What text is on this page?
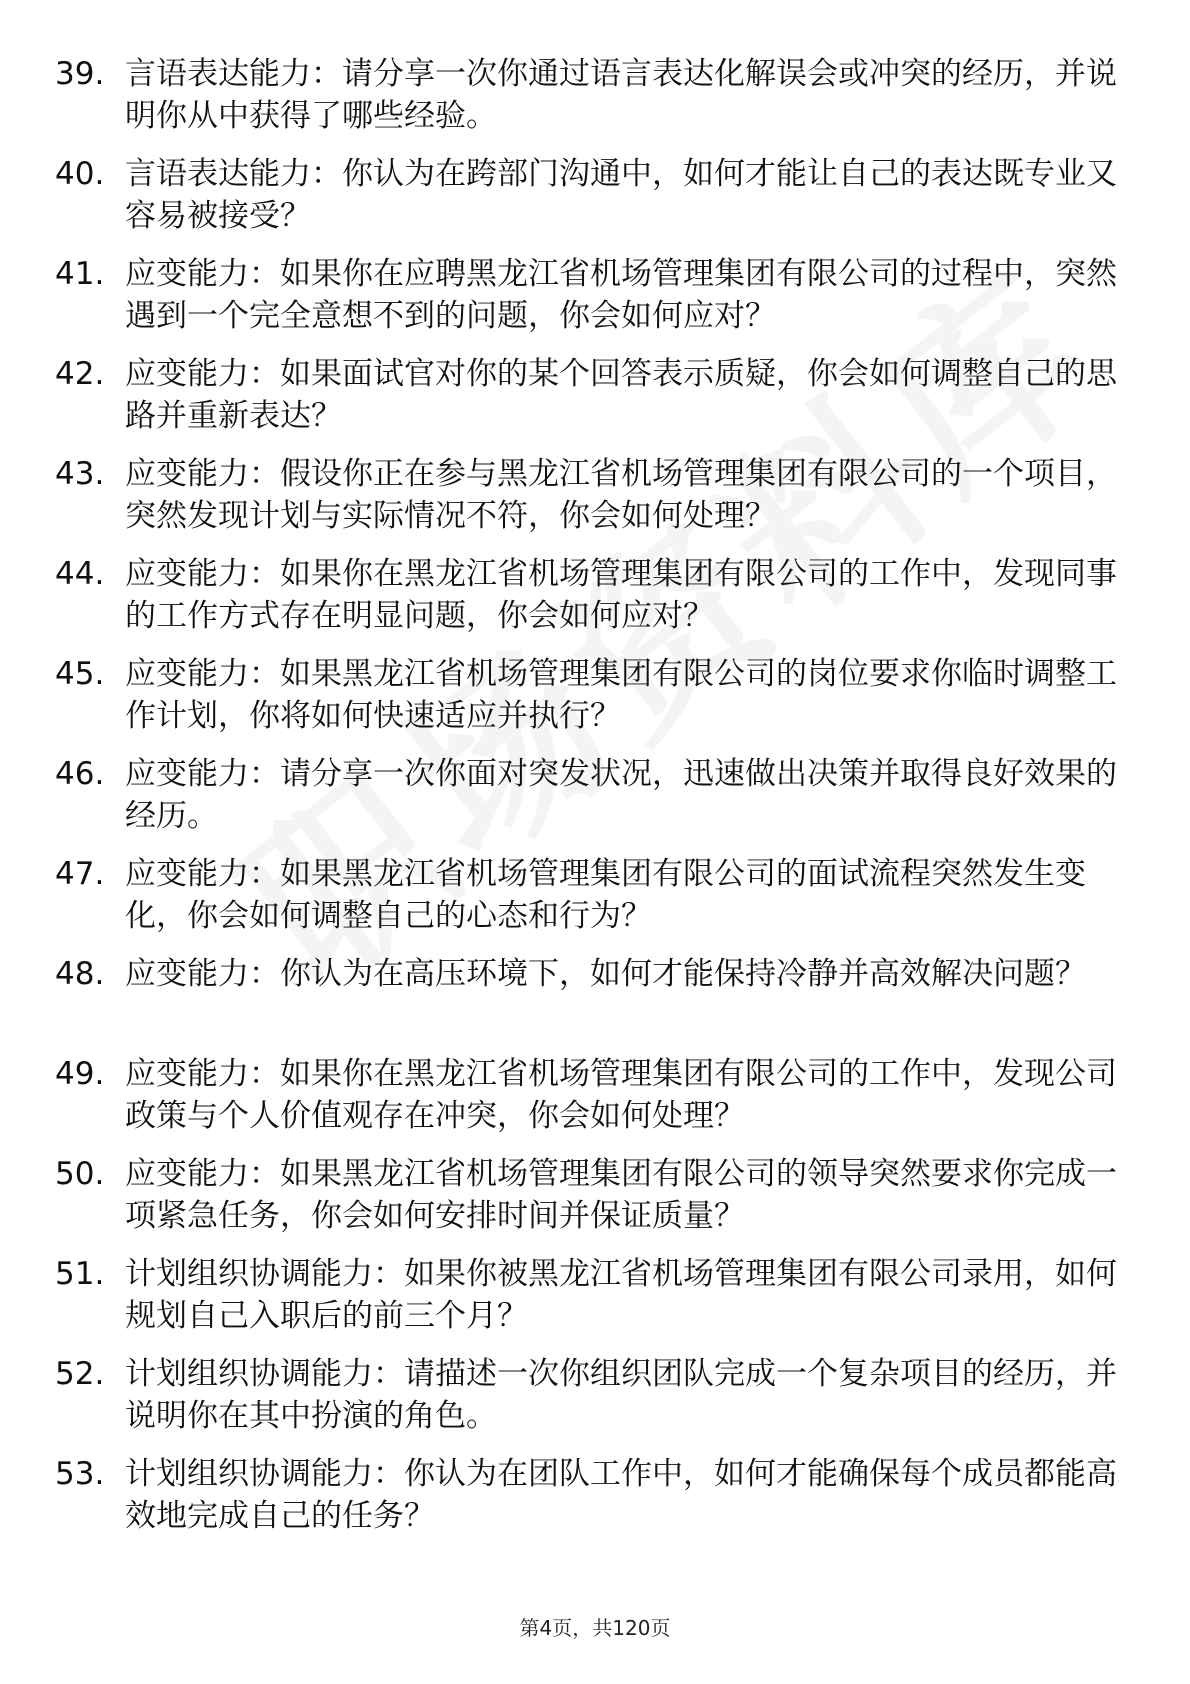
39. 言语表达能力：请分享一次你通过语言表达化解误会或冲突的经历，并说明你从中获得了哪些经验。
40. 言语表达能力：你认为在跨部门沟通中，如何才能让自己的表达既专业又容易被接受？
41. 应变能力：如果你在应聘黑龙江省机场管理集团有限公司的过程中，突然遇到一个完全意想不到的问题，你会如何应对？
42. 应变能力：如果面试官对你的某个回答表示质疑，你会如何调整自己的思路并重新表达？
43. 应变能力：假设你正在参与黑龙江省机场管理集团有限公司的一个项目，突然发现计划与实际情况不符，你会如何处理？
44. 应变能力：如果你在黑龙江省机场管理集团有限公司的工作中，发现同事的工作方式存在明显问题，你会如何应对？
45. 应变能力：如果黑龙江省机场管理集团有限公司的岗位要求你临时调整工作计划，你将如何快速适应并执行？
46. 应变能力：请分享一次你面对突发状况，迅速做出决策并取得良好效果的经历。
47. 应变能力：如果黑龙江省机场管理集团有限公司的面试流程突然发生变化，你会如何调整自己的心态和行为？
48. 应变能力：你认为在高压环境下，如何才能保持冷静并高效解决问题？
49. 应变能力：如果你在黑龙江省机场管理集团有限公司的工作中，发现公司政策与个人价值观存在冲突，你会如何处理？
50. 应变能力：如果黑龙江省机场管理集团有限公司的领导突然要求你完成一项紧急任务，你会如何安排时间并保证质量？
51. 计划组织协调能力：如果你被黑龙江省机场管理集团有限公司录用，如何规划自己入职后的前三个月？
52. 计划组织协调能力：请描述一次你组织团队完成一个复杂项目的经历，并说明你在其中扮演的角色。
53. 计划组织协调能力：你认为在团队工作中，如何才能确保每个成员都能高效地完成自己的任务？
第4页，共120页
